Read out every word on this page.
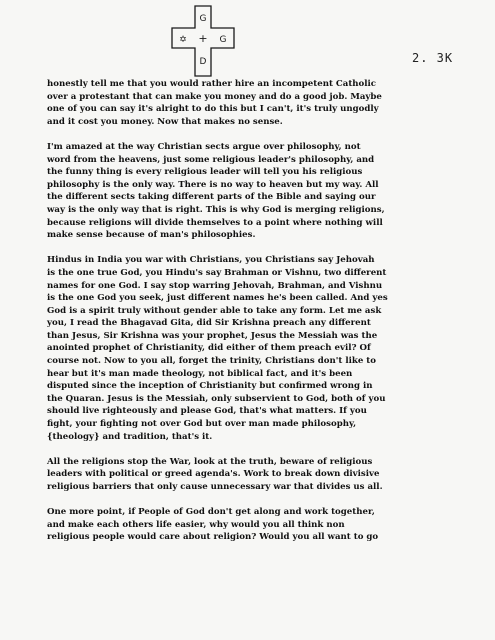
G
✡ + G
D	2. 3K

honestly tell me that you would rather hire an incompetent Catholic
over a protestant that can make you money and do a good job. Maybe
one of you can say it's alright to do this but I can't, it's truly ungodly
and it cost you money. Now that makes no sense.

I'm amazed at the way Christian sects argue over philosophy, not
word from the heavens, just some religious leader's philosophy, and
the funny thing is every religious leader will tell you his religious
philosophy is the only way. There is no way to heaven but my way. All
the different sects taking different parts of the Bible and saying our
way is the only way that is right. This is why God is merging religions,
because religions will divide themselves to a point where nothing will
make sense because of man's philosophies.

Hindus in India you war with Christians, you Christians say Jehovah
is the one true God, you Hindu's say Brahman or Vishnu, two different
names for one God. I say stop warring Jehovah, Brahman, and Vishnu
is the one God you seek, just different names he's been called. And yes
God is a spirit truly without gender able to take any form. Let me ask
you, I read the Bhagavad Gita, did Sir Krishna preach any different
than Jesus, Sir Krishna was your prophet, Jesus the Messiah was the
anointed prophet of Christianity, did either of them preach evil? Of
course not. Now to you all, forget the trinity, Christians don't like to
hear but it's man made theology, not biblical fact, and it's been
disputed since the inception of Christianity but confirmed wrong in
the Quaran. Jesus is the Messiah, only subservient to God, both of you
should live righteously and please God, that's what matters. If you
fight, your fighting not over God but over man made philosophy,
{theology} and tradition, that's it.

All the religions stop the War, look at the truth, beware of religious
leaders with political or greed agenda's. Work to break down divisive
religious barriers that only cause unnecessary war that divides us all.

One more point, if People of God don't get along and work together,
and make each others life easier, why would you all think non
religious people would care about religion? Would you all want to go
